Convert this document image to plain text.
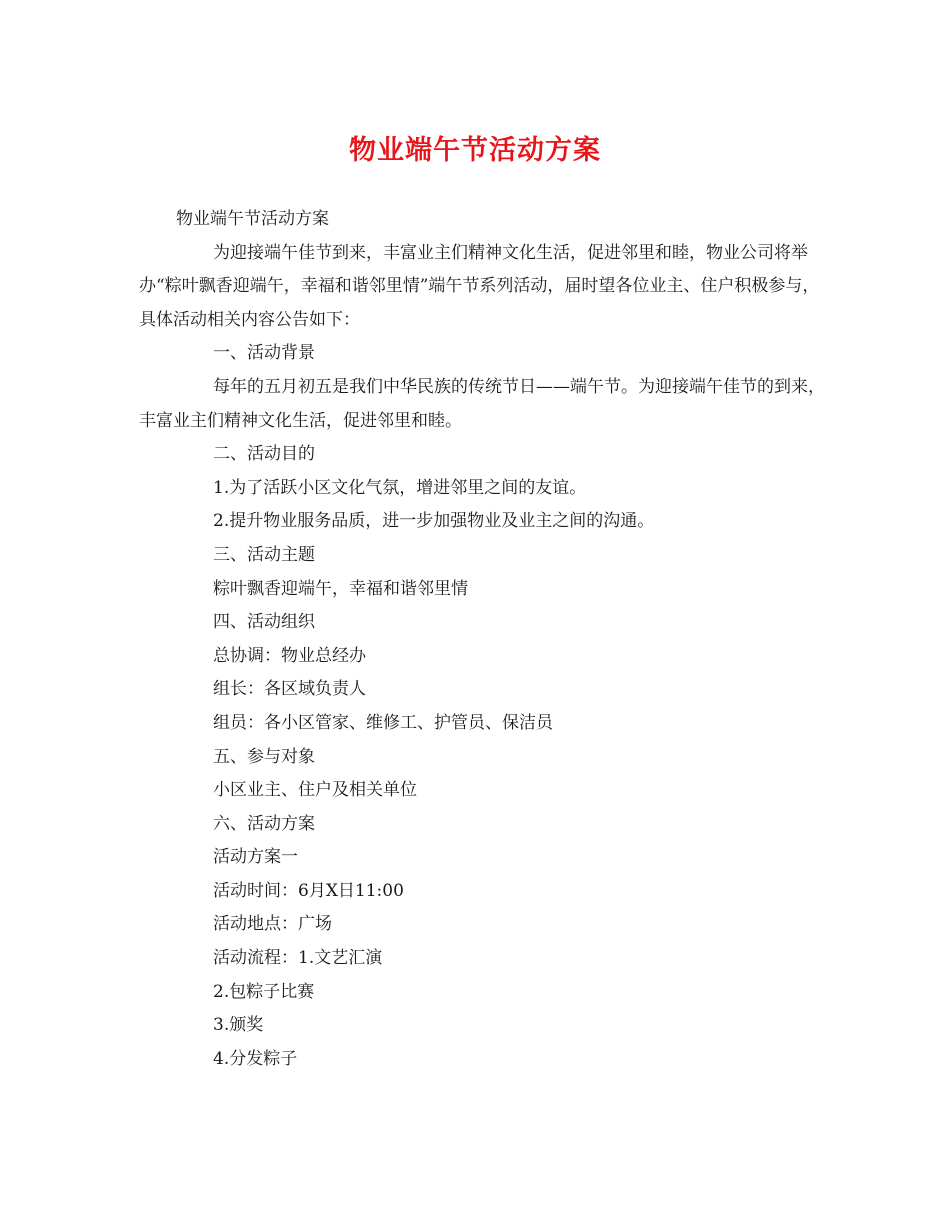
物业端午节活动方案

物业端午节活动方案

为迎接端午佳节到来，丰富业主们精神文化生活，促进邻里和睦，物业公司将举办“粽叶飘香迎端午，幸福和谐邻里情”端午节系列活动，届时望各位业主、住户积极参与，具体活动相关内容公告如下：

一、活动背景

每年的五月初五是我们中华民族的传统节日——端午节。为迎接端午佳节的到来，丰富业主们精神文化生活，促进邻里和睦。

二、活动目的

1.为了活跃小区文化气氛，增进邻里之间的友谊。

2.提升物业服务品质，进一步加强物业及业主之间的沟通。

三、活动主题

粽叶飘香迎端午，幸福和谐邻里情

四、活动组织

总协调：物业总经办

组长：各区域负责人

组员：各小区管家、维修工、护管员、保洁员

五、参与对象

小区业主、住户及相关单位

六、活动方案

活动方案一

活动时间：6月X日11:00

活动地点：广场

活动流程：1.文艺汇演

2.包粽子比赛

3.颁奖

4.分发粽子
